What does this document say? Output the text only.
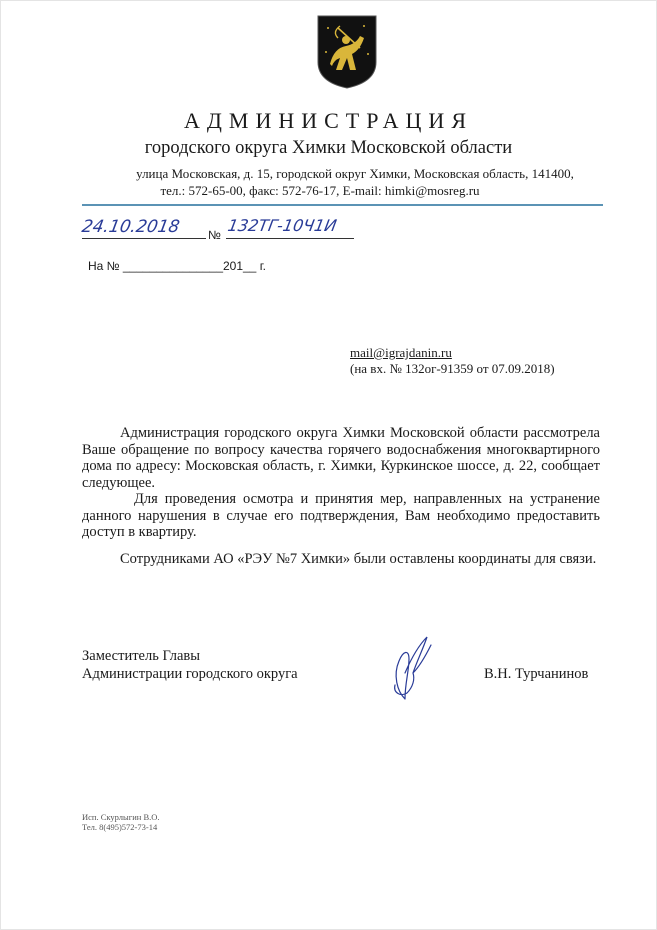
АДМИНИСТРАЦИЯ
городского округа Химки Московской области
улица Московская, д. 15, городской округ Химки, Московская область, 141400,
тел.: 572-65-00, факс: 572-76-17, E-mail: himki@mosreg.ru
24.10.2018 № 132ТГ-10Ч1И
На № _______________201__ г.
mail@igrajdanin.ru
(на вх. № 132ог-91359 от 07.09.2018)

Администрация городского округа Химки Московской области рассмотрела Ваше обращение по вопросу качества горячего водоснабжения многоквартирного дома по адресу: Московская область, г. Химки, Куркинское шоссе, д. 22, сообщает следующее.

Для проведения осмотра и принятия мер, направленных на устранение данного нарушения в случае его подтверждения, Вам необходимо предоставить доступ в квартиру.

Сотрудниками АО «РЭУ №7 Химки» были оставлены координаты для связи.

Заместитель Главы
Администрации городского округа	В.Н. Турчанинов
Исп. Скурлыгин В.О.
Тел. 8(495)572-73-14
